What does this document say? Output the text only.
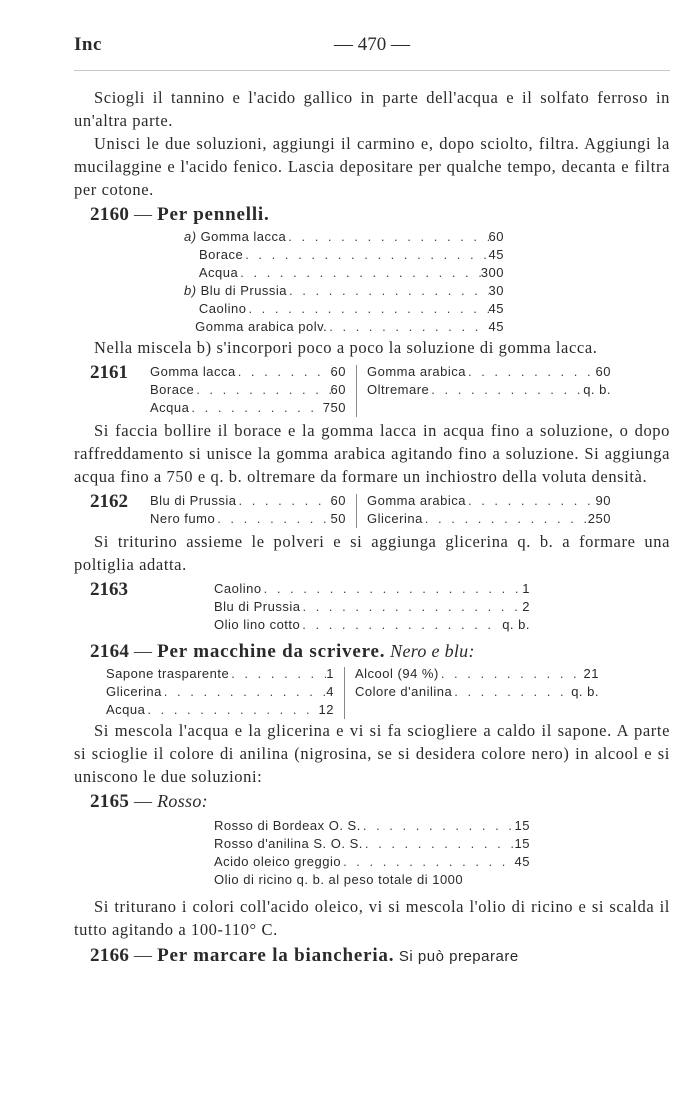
Inc	— 470 —

Sciogli il tannino e l'acido gallico in parte dell'acqua e il solfato ferroso in un'altra parte.

Unisci le due soluzioni, aggiungi il carmino e, dopo sciolto, filtra. Aggiungi la mucilaggine e l'acido fenico. Lascia depositare per qualche tempo, decanta e filtra per cotone.

2160 — Per pennelli.
a) Gomma lacca . . .	60
Borace . . .	45
Acqua . . .	300
b) Blu di Prussia . . .	30
Caolino . . .	45
Gomma arabica polv. . . .	45

Nella miscela b) s'incorpori poco a poco la soluzione di gomma lacca.

2161	Gomma lacca . . .	60
Borace . . .	60
Acqua . . .	750
Gomma arabica . . .	60
Oltremare . . .	q. b.

Si faccia bollire il borace e la gomma lacca in acqua fino a soluzione, o dopo raffreddamento si unisce la gomma arabica agitando fino a soluzione. Si aggiunga acqua fino a 750 e q. b. oltremare da formare un inchiostro della voluta densità.

2162	Blu di Prussia . . .	60
Nero fumo . . .	50
Gomma arabica . . .	90
Glicerina . . .	250

Si triturino assieme le polveri e si aggiunga glicerina q. b. a formare una poltiglia adatta.

2163	Caolino . . .	1
Blu di Prussia . . .	2
Olio lino cotto . . .	q. b.
2164 — Per macchine da scrivere. Nero e blu:
Sapone trasparente . . .	1
Glicerina . . .	4
Acqua . . .	12
Alcool (94 %) . . .	21
Colore d'anilina . . .	q. b.

Si mescola l'acqua e la glicerina e vi si fa sciogliere a caldo il sapone. A parte si scioglie il colore di anilina (nigrosina, se si desidera colore nero) in alcool e si uniscono le due soluzioni:

2165 — Rosso:
Rosso di Bordeax O. S. . . .	15
Rosso d'anilina S. O. S. . . .	15
Acido oleico greggio . . .	45
Olio di ricino q. b. al peso totale di 1000

Si triturano i colori coll'acido oleico, vi si mescola l'olio di ricino e si scalda il tutto agitando a 100-110° C.

2166 — Per marcare la biancheria. Si può preparare
